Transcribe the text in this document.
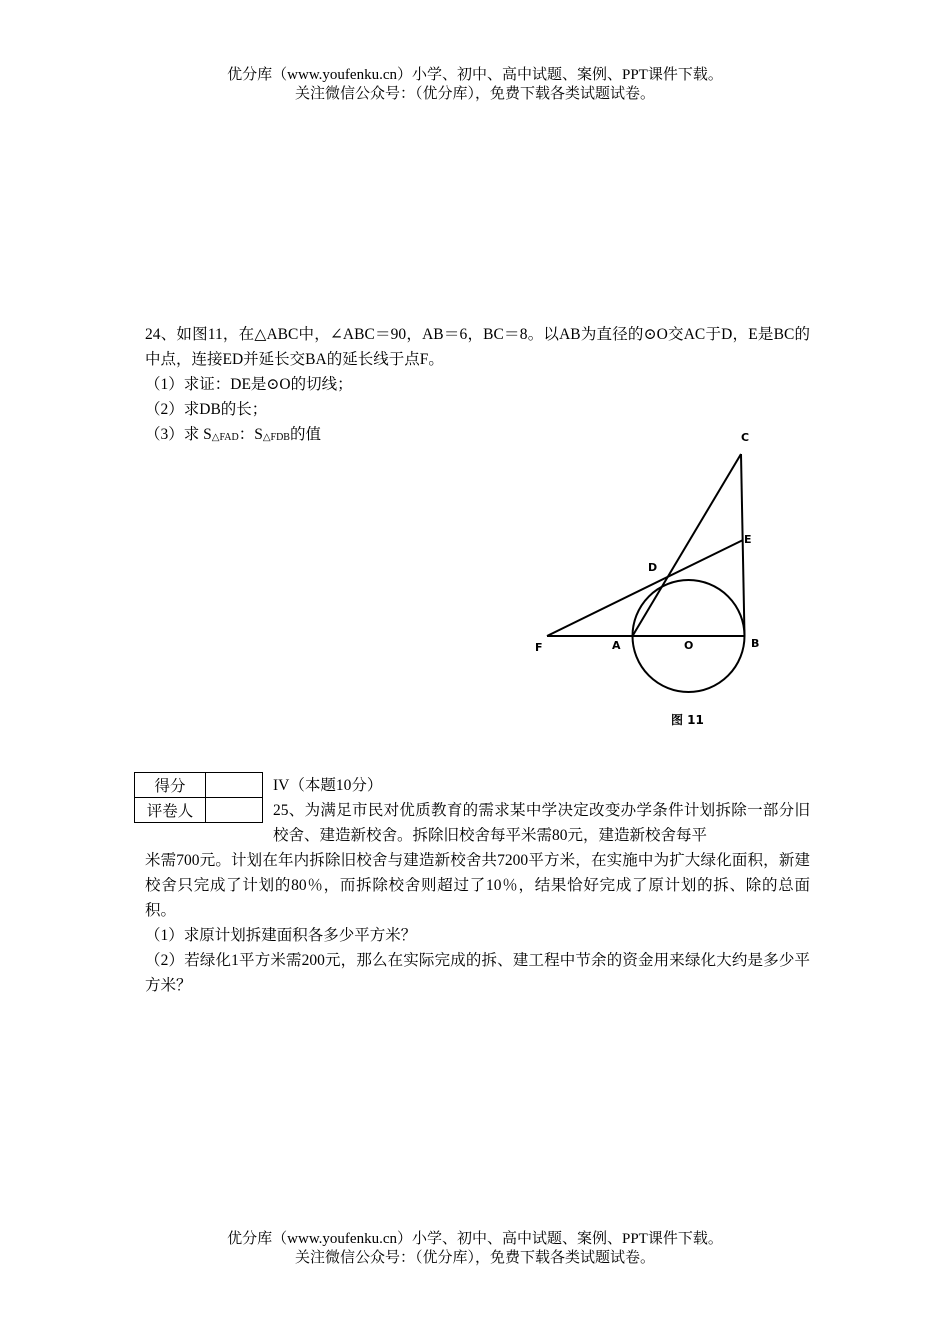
优分库（www.youfenku.cn）小学、初中、高中试题、案例、PPT课件下载。
关注微信公众号：（优分库），免费下载各类试题试卷。

24、如图11，在△ABC中，∠ABC＝90，AB＝6，BC＝8。以AB为直径的⊙O交AC于D，E是BC的中点，连接ED并延长交BA的延长线于点F。

（1）求证：DE是⊙O的切线；

（2）求DB的长；

（3）求 $S_{\triangle FAD}$：$S_{\triangle FDB}$的值	C
E
D
F	A	O	B
图 11
得分	
评卷人	

IV（本题10分）

25、为满足市民对优质教育的需求某中学决定改变办学条件计划拆除一部分旧校舍、建造新校舍。拆除旧校舍每平米需80元，建造新校舍每平

米需700元。计划在年内拆除旧校舍与建造新校舍共7200平方米，在实施中为扩大绿化面积，新建校舍只完成了计划的80％，而拆除校舍则超过了10％，结果恰好完成了原计划的拆、除的总面积。

（1）求原计划拆建面积各多少平方米？

（2）若绿化1平方米需200元，那么在实际完成的拆、建工程中节余的资金用来绿化大约是多少平方米？

优分库（www.youfenku.cn）小学、初中、高中试题、案例、PPT课件下载。
关注微信公众号：（优分库），免费下载各类试题试卷。
